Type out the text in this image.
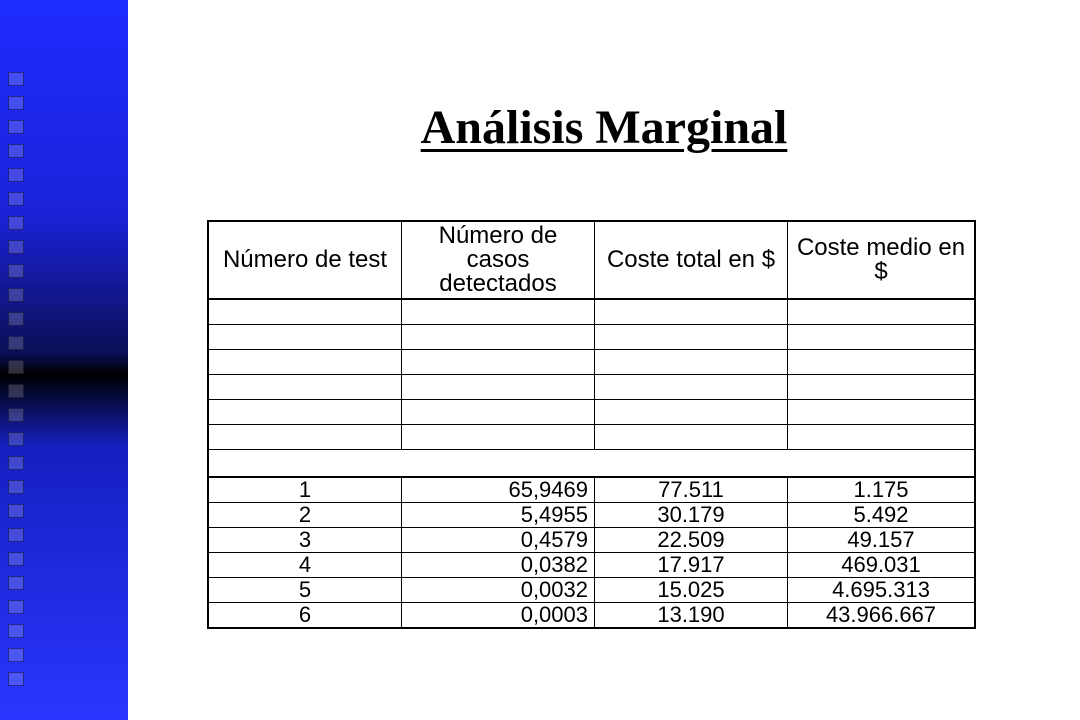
Análisis Marginal
Número de test	Número de casos detectados	Coste total en $	Coste medio en $

1	65,9469	77.511	1.175
2	5,4955	30.179	5.492
3	0,4579	22.509	49.157
4	0,0382	17.917	469.031
5	0,0032	15.025	4.695.313
6	0,0003	13.190	43.966.667
